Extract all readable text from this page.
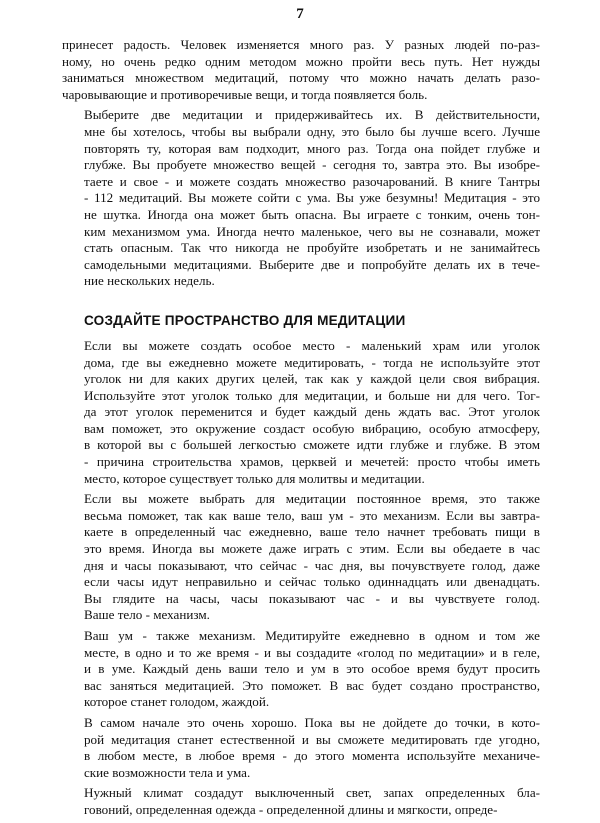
7

принесет радость. Человек изменяется много раз. У разных людей по-раз-
ному, но очень редко одним методом можно пройти весь путь. Нет нужды
заниматься множеством медитаций, потому что можно начать делать разо-
чаровывающие и противоречивые вещи, и тогда появляется боль.

Выберите две медитации и придерживайтесь их. В действительности,
мне бы хотелось, чтобы вы выбрали одну, это было бы лучше всего. Лучше
повторять ту, которая вам подходит, много раз. Тогда она пойдет глубже и
глубже. Вы пробуете множество вещей - сегодня то, завтра это. Вы изобре-
таете и свое - и можете создать множество разочарований. В книге Тантры
- 112 медитаций. Вы можете сойти с ума. Вы уже безумны! Медитация - это
не шутка. Иногда она может быть опасна. Вы играете с тонким, очень тон-
ким механизмом ума. Иногда нечто маленькое, чего вы не сознавали, может
стать опасным. Так что никогда не пробуйте изобретать и не занимайтесь
самодельными медитациями. Выберите две и попробуйте делать их в тече-
ние нескольких недель.

СОЗДАЙТЕ ПРОСТРАНСТВО ДЛЯ МЕДИТАЦИИ

Если вы можете создать особое место - маленький храм или уголок
дома, где вы ежедневно можете медитировать, - тогда не используйте этот
уголок ни для каких других целей, так как у каждой цели своя вибрация.
Используйте этот уголок только для медитации, и больше ни для чего. Тог-
да этот уголок переменится и будет каждый день ждать вас. Этот уголок
вам поможет, это окружение создаст особую вибрацию, особую атмосферу,
в которой вы с большей легкостью сможете идти глубже и глубже. В этом
- причина строительства храмов, церквей и мечетей: просто чтобы иметь
место, которое существует только для молитвы и медитации.

Если вы можете выбрать для медитации постоянное время, это также
весьма поможет, так как ваше тело, ваш ум - это механизм. Если вы завтра-
каете в определенный час ежедневно, ваше тело начнет требовать пищи в
это время. Иногда вы можете даже играть с этим. Если вы обедаете в час
дня и часы показывают, что сейчас - час дня, вы почувствуете голод, даже
если часы идут неправильно и сейчас только одиннадцать или двенадцать.
Вы глядите на часы, часы показывают час - и вы чувствуете голод.
Ваше тело - механизм.

Ваш ум - также механизм. Медитируйте ежедневно в одном и том же
месте, в одно и то же время - и вы создадите «голод по медитации» и в геле,
и в уме. Каждый день ваши тело и ум в это особое время будут просить
вас заняться медитацией. Это поможет. В вас будет создано пространство,
которое станет голодом, жаждой.

В самом начале это очень хорошо. Пока вы не дойдете до точки, в кото-
рой медитация станет естественной и вы сможете медитировать где угодно,
в любом месте, в любое время - до этого момента используйте механиче-
ские возможности тела и ума.

Нужный климат создадут выключенный свет, запах определенных бла-
говоний, определенная одежда - определенной длины и мягкости, опреде-
